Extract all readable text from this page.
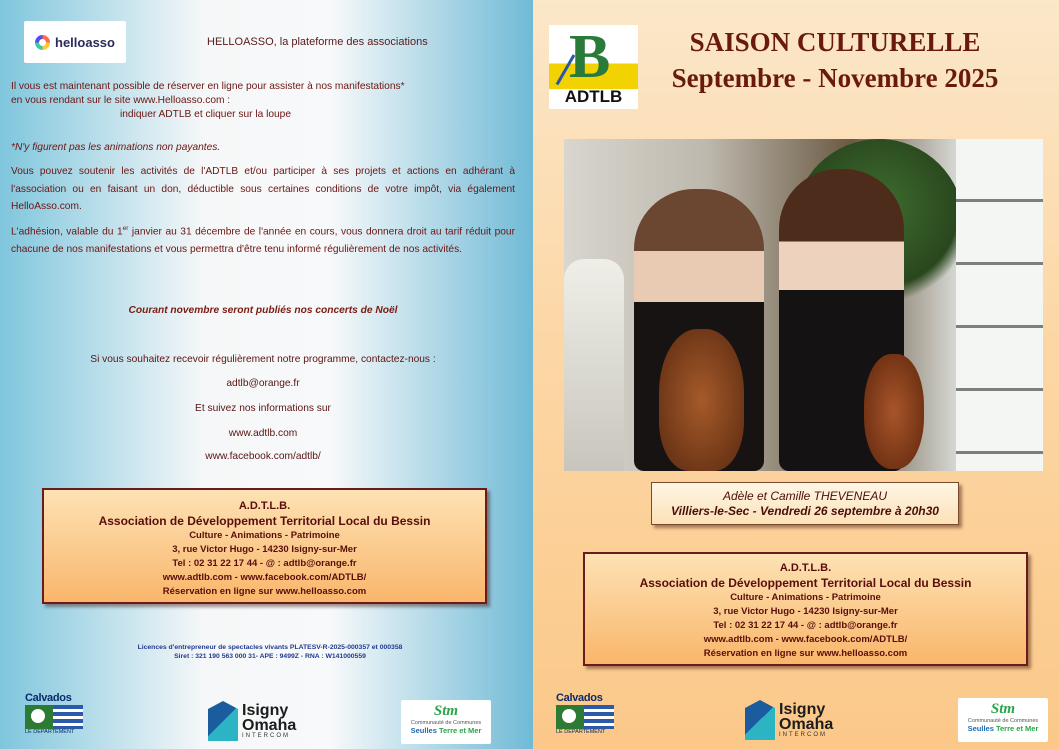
helloasso	HELLOASSO, la plateforme des associations
Il vous est maintenant possible de réserver en ligne pour assister à nos manifestations*
en vous rendant sur le site www.Helloasso.com :
indiquer ADTLB et cliquer sur la loupe
*N'y figurent pas les animations non payantes.
Vous pouvez soutenir les activités de l'ADTLB et/ou participer à ses projets et actions en adhérant à l'association ou en faisant un don, déductible sous certaines conditions de votre impôt, via également HelloAsso.com.
L'adhésion, valable du 1er janvier au 31 décembre de l'année en cours, vous donnera droit au tarif réduit pour chacune de nos manifestations et vous permettra d'être tenu informé régulièrement de nos activités.
Courant novembre seront publiés nos concerts de Noël
Si vous souhaitez recevoir régulièrement notre programme, contactez-nous :
adtlb@orange.fr
Et suivez nos informations sur
www.adtlb.com
www.facebook.com/adtlb/
A.D.T.L.B.
Association de Développement Territorial Local du Bessin
Culture - Animations - Patrimoine
3, rue Victor Hugo - 14230 Isigny-sur-Mer
Tel : 02 31 22 17 44 - @ : adtlb@orange.fr
www.adtlb.com - www.facebook.com/ADTLB/
Réservation en ligne sur www.helloasso.com
Licences d'entrepreneur de spectacles vivants PLATESV-R-2025-000357 et 000358
Siret : 321 190 563 000 31- APE : 9499Z - RNA : W141000559
Calvados
LE DÉPARTEMENT
Isigny
Omaha
INTERCOM
Stm
Communauté de Communes
Seulles Terre et Mer
B
ADTLB
SAISON CULTURELLE
Septembre - Novembre 2025
Adèle et Camille THEVENEAU
Villiers-le-Sec - Vendredi 26 septembre à 20h30
A.D.T.L.B.
Association de Développement Territorial Local du Bessin
Culture - Animations - Patrimoine
3, rue Victor Hugo - 14230 Isigny-sur-Mer
Tel : 02 31 22 17 44 - @ : adtlb@orange.fr
www.adtlb.com - www.facebook.com/ADTLB/
Réservation en ligne sur www.helloasso.com
Calvados
LE DÉPARTEMENT
Isigny
Omaha
INTERCOM
Stm
Communauté de Communes
Seulles Terre et Mer
